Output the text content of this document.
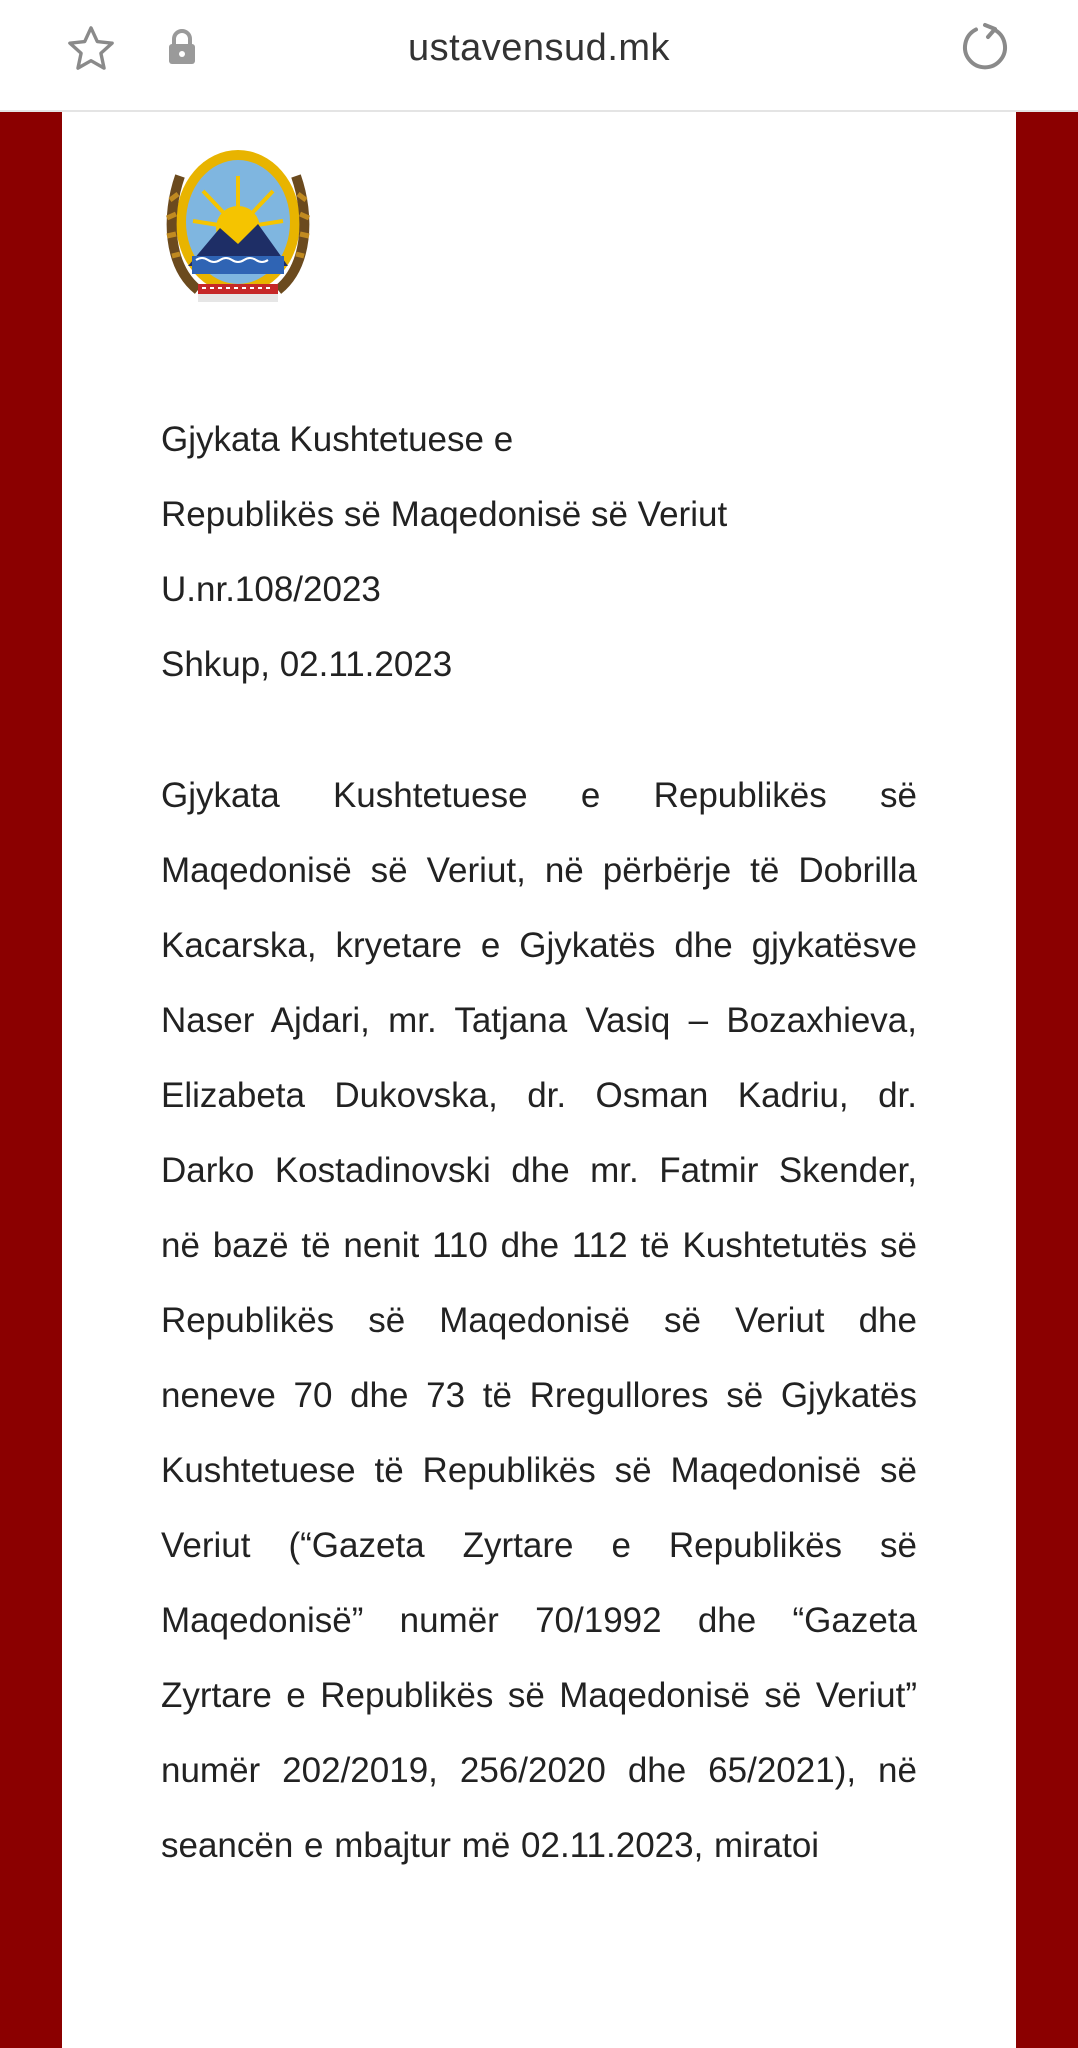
ustavensud.mk
Gjykata Kushtetuese e
Republikës së Maqedonisë së Veriut
U.nr.108/2023
Shkup, 02.11.2023
Gjykata Kushtetuese e Republikës së Maqedonisë së Veriut, në përbërje të Dobrilla Kacarska, kryetare e Gjykatës dhe gjykatësve Naser Ajdari, mr. Tatjana Vasiq – Bozaxhieva, Elizabeta Dukovska, dr. Osman Kadriu, dr. Darko Kostadinovski dhe mr. Fatmir Skender, në bazë të nenit 110 dhe 112 të Kushtetutës së Republikës së Maqedonisë së Veriut dhe neneve 70 dhe 73 të Rregullores së Gjykatës Kushtetuese të Republikës së Maqedonisë së Veriut (“Gazeta Zyrtare e Republikës së Maqedonisë” numër 70/1992 dhe “Gazeta Zyrtare e Republikës së Maqedonisë së Veriut” numër 202/2019, 256/2020 dhe 65/2021), në seancën e mbajtur më 02.11.2023, miratoi
